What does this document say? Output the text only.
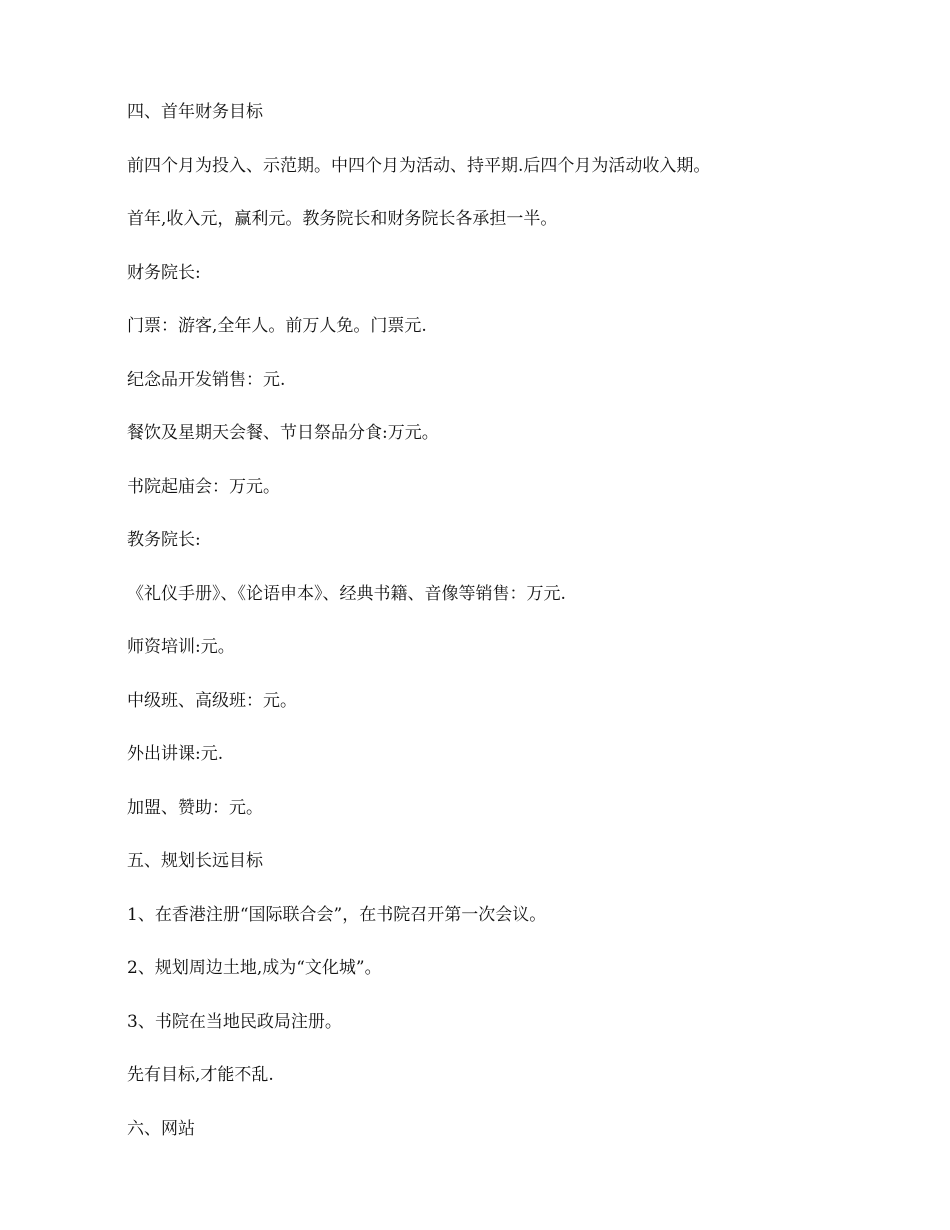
四、首年财务目标

前四个月为投入、示范期。中四个月为活动、持平期.后四个月为活动收入期。

首年,收入元，赢利元。教务院长和财务院长各承担一半。

财务院长:

门票：游客,全年人。前万人免。门票元.

纪念品开发销售：元.

餐饮及星期天会餐、节日祭品分食:万元。

书院起庙会：万元。

教务院长:

《礼仪手册》、《论语申本》、经典书籍、音像等销售：万元.

师资培训:元。

中级班、高级班：元。

外出讲课:元.

加盟、赞助：元。

五、规划长远目标

1、在香港注册“国际联合会”，在书院召开第一次会议。

2、规划周边土地,成为“文化城”。

3、书院在当地民政局注册。

先有目标,才能不乱.

六、网站
